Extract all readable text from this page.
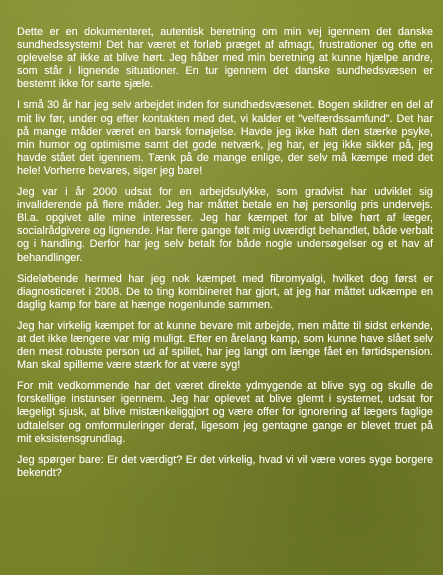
Dette er en dokumenteret, autentisk beretning om min vej igennem det danske sundhedssystem! Det har været et forløb præget af afmagt, frustrationer og ofte en oplevelse af ikke at blive hørt. Jeg håber med min beretning at kunne hjælpe andre, som står i lignende situationer. En tur igennem det danske sundhedsvæsen er bestemt ikke for sarte sjæle.

I små 30 år har jeg selv arbejdet inden for sundhedsvæsenet. Bogen skildrer en del af mit liv før, under og efter kontakten med det, vi kalder et "velfærdssamfund". Det har på mange måder været en barsk fornøjelse. Havde jeg ikke haft den stærke psyke, min humor og optimisme samt det gode netværk, jeg har, er jeg ikke sikker på, jeg havde stået det igennem. Tænk på de mange enlige, der selv må kæmpe med det hele! Vorherre bevares, siger jeg bare!

Jeg var i år 2000 udsat for en arbejdsulykke, som gradvist har udviklet sig invaliderende på flere måder. Jeg har måttet betale en høj personlig pris undervejs. Bl.a. opgivet alle mine interesser. Jeg har kæmpet for at blive hørt af læger, socialrådgivere og lignende. Har flere gange følt mig uværdigt behandlet, både verbalt og i handling. Derfor har jeg selv betalt for både nogle undersøgelser og et hav af behandlinger.

Sideløbende hermed har jeg nok kæmpet med fibromyalgi, hvilket dog først er diagnosticeret i 2008. De to ting kombineret har gjort, at jeg har måttet udkæmpe en daglig kamp for bare at hænge nogenlunde sammen.

Jeg har virkelig kæmpet for at kunne bevare mit arbejde, men måtte til sidst erkende, at det ikke længere var mig muligt. Efter en årelang kamp, som kunne have slået selv den mest robuste person ud af spillet, har jeg langt om længe fået en førtidspension. Man skal spilleme være stærk for at være syg!

For mit vedkommende har det været direkte ydmygende at blive syg og skulle de forskellige instanser igennem. Jeg har oplevet at blive glemt i systemet, udsat for lægeligt sjusk, at blive mistænkeliggjort og være offer for ignorering af lægers faglige udtalelser og omformuleringer deraf, ligesom jeg gentagne gange er blevet truet på mit eksistensgrundlag.

Jeg spørger bare: Er det værdigt? Er det virkelig, hvad vi vil være vores syge borgere bekendt?
